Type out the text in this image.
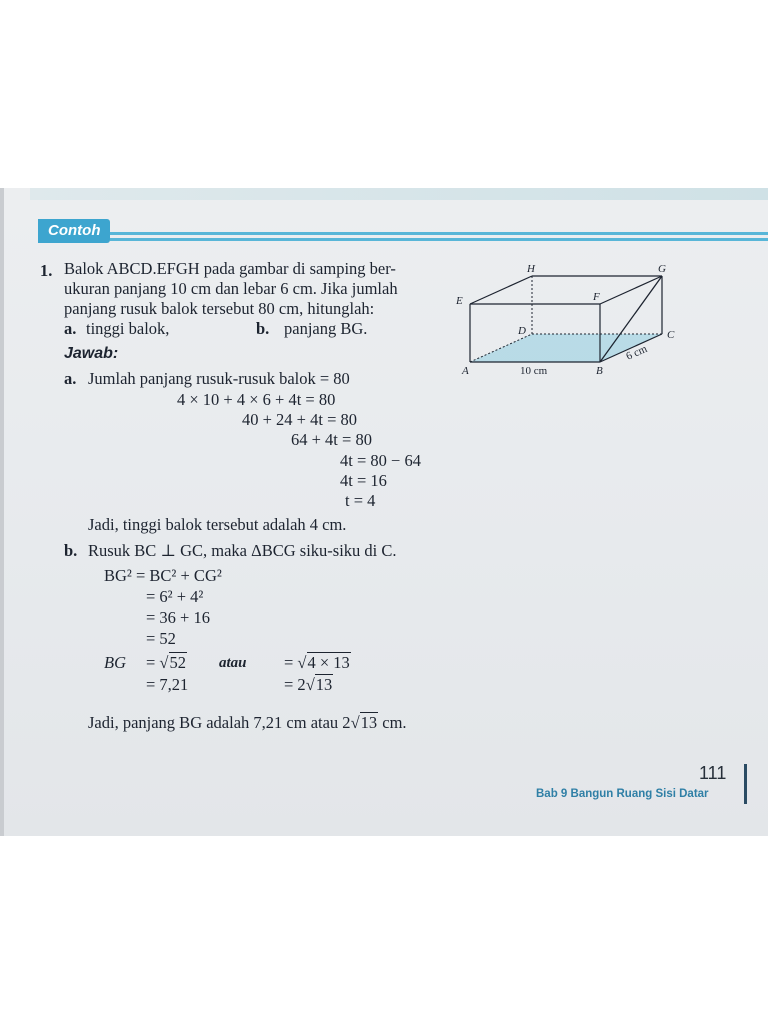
Contoh
1. Balok ABCD.EFGH pada gambar di samping ber-
ukuran panjang 10 cm dan lebar 6 cm. Jika jumlah
panjang rusuk balok tersebut 80 cm, hitunglah:
a. tinggi balok,	b. panjang BG.
A	B
C
D
E	F
G
H
10 cm
6 cm
Jawab:
a. Jumlah panjang rusuk-rusuk balok = 80
4 × 10 + 4 × 6 + 4t = 80
40 + 24 + 4t = 80
64 + 4t = 80
4t = 80 − 64
4t = 16
t = 4
Jadi, tinggi balok tersebut adalah 4 cm.
b. Rusuk BC ⊥ GC, maka ΔBCG siku-siku di C.
BG² = BC² + CG²
= 6² + 4²
= 36 + 16
= 52
BG = √52 atau = √4 × 13
= 7,21	= 2√13
Jadi, panjang BG adalah 7,21 cm atau 2√13 cm.
111
Bab 9 Bangun Ruang Sisi Datar
